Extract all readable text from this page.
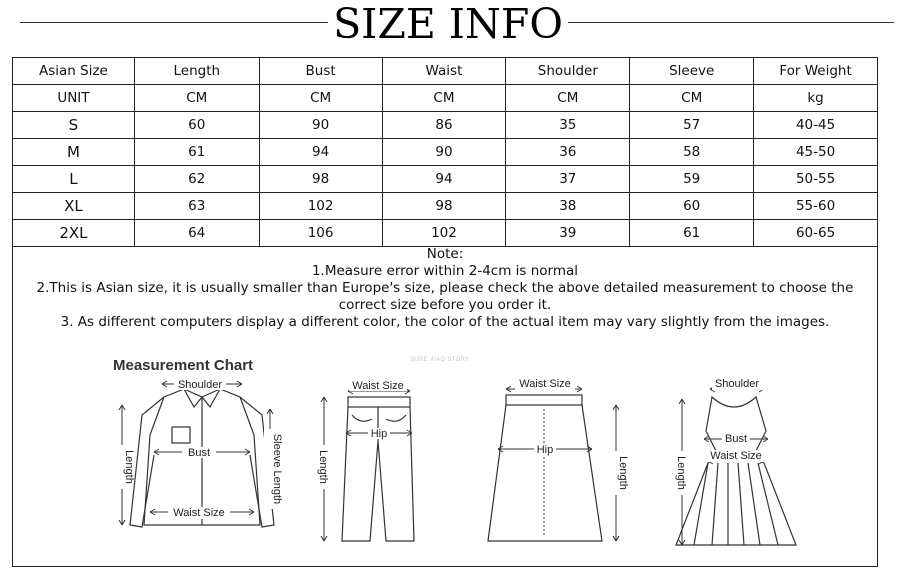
SIZE INFO
Asian Size	Length	Bust	Waist	Shoulder	Sleeve	For Weight
UNIT	CM	CM	CM	CM	CM	kg
S	60	90	86	35	57	40-45
M	61	94	90	36	58	45-50
L	62	98	94	37	59	50-55
XL	63	102	98	38	60	55-60
2XL	64	106	102	39	61	60-65
Note:
1.Measure error within 2-4cm is normal
2.This is Asian size, it is usually smaller than Europe's size, please check the above detailed measurement to choose the correct size before you order it.
3. As different computers display a different color, the color of the actual item may vary slightly from the images.
Measurement Chart	SURE XIAO STORY
Shoulder
Bust
Waist Size
Length	Sleeve Length
Waist Size
Hip
Length
Waist Size
Hip
Length
Shoulder
Bust
Waist Size
Length
